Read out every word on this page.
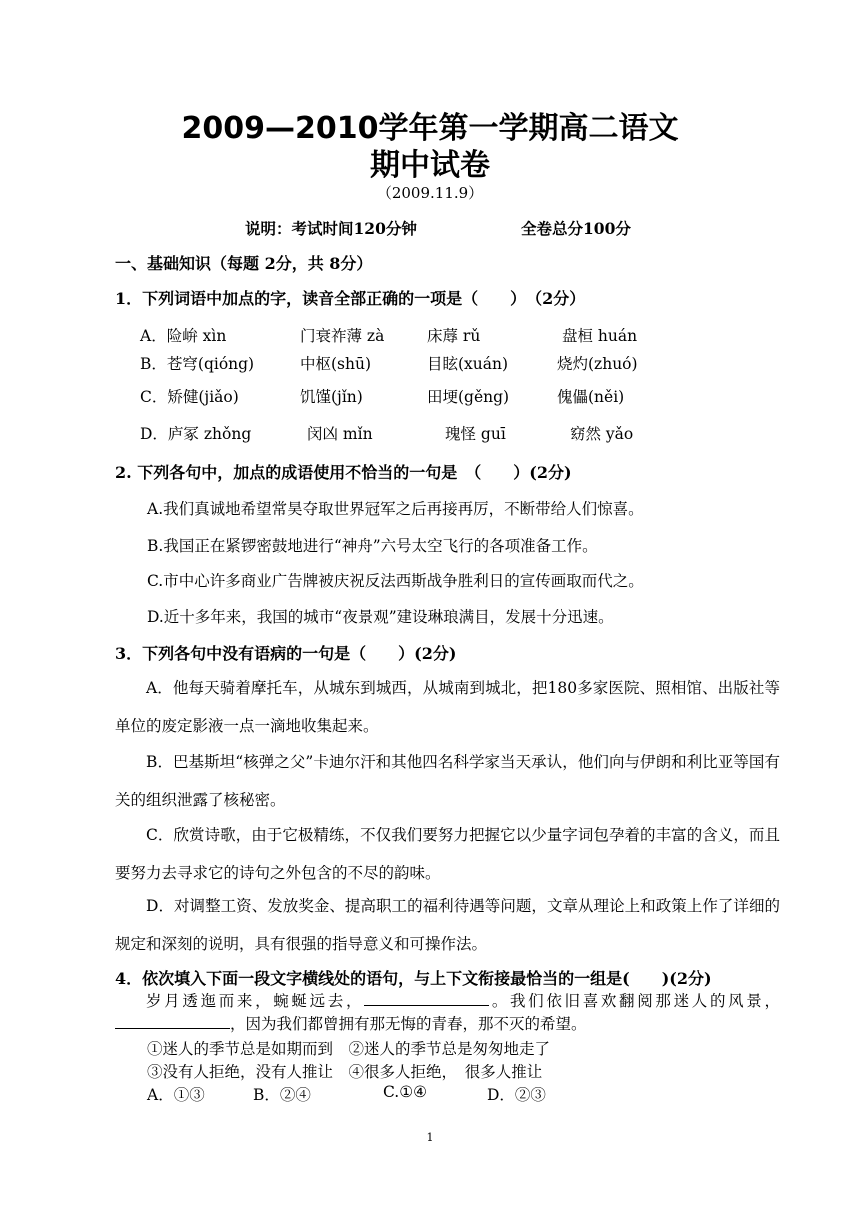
2009—2010学年第一学期高二语文
期中试卷
（2009.11.9）
说明：考试时间120分钟	全卷总分100分
一、基础知识（每题 2分，共 8分）
1．下列词语中加点的字，读音全部正确的一项是（　　）　（2分）
A．险峅 xìn	门衰祚薄 zà	床蓐 rǔ	盘桓 huán
B．苍穹(qióng)	中枢(shū)	目眩(xuán)	烧灼(zhuó)
C．矫健(jiǎo)	饥馑(jǐn)	田埂(gěng)	傀儡(něi)
D．庐冢 zhǒng	闵凶 mǐn	瑰怪 guī	窈然 yǎo
2. 下列各句中，加点的成语使用不恰当的一句是　（　　）(2分)
A.我们真诚地希望常昊夺取世界冠军之后再接再厉，不断带给人们惊喜。
B.我国正在紧锣密鼓地进行“神舟”六号太空飞行的各项准备工作。
C.市中心许多商业广告牌被庆祝反法西斯战争胜利日的宣传画取而代之。
D.近十多年来，我国的城市“夜景观”建设琳琅满目，发展十分迅速。
3．下列各句中没有语病的一句是（　　）(2分)
A．他每天骑着摩托车，从城东到城西，从城南到城北，把180多家医院、照相馆、出版社等单位的废定影液一点一滴地收集起来。
B．巴基斯坦“核弹之父”卡迪尔汗和其他四名科学家当天承认，他们向与伊朗和利比亚等国有关的组织泄露了核秘密。
C．欣赏诗歌，由于它极精练，不仅我们要努力把握它以少量字词包孕着的丰富的含义，而且要努力去寻求它的诗句之外包含的不尽的韵味。
D．对调整工资、发放奖金、提高职工的福利待遇等问题，文章从理论上和政策上作了详细的规定和深刻的说明，具有很强的指导意义和可操作法。
4．依次填入下面一段文字横线处的语句，与上下文衔接最恰当的一组是(　　)(2分)
岁月透迤而来，蜿蜒远去，	。我们依旧喜欢翻阅那迷人的风景，，因为我们都曾拥有那无悔的青春，那不灭的希望。
①迷人的季节总是如期而到　②迷人的季节总是匆匆地走了
③没有人拒绝，没有人推让　④很多人拒绝，　很多人推让
A．①③	B．②④	C.①④	D．②③
1
